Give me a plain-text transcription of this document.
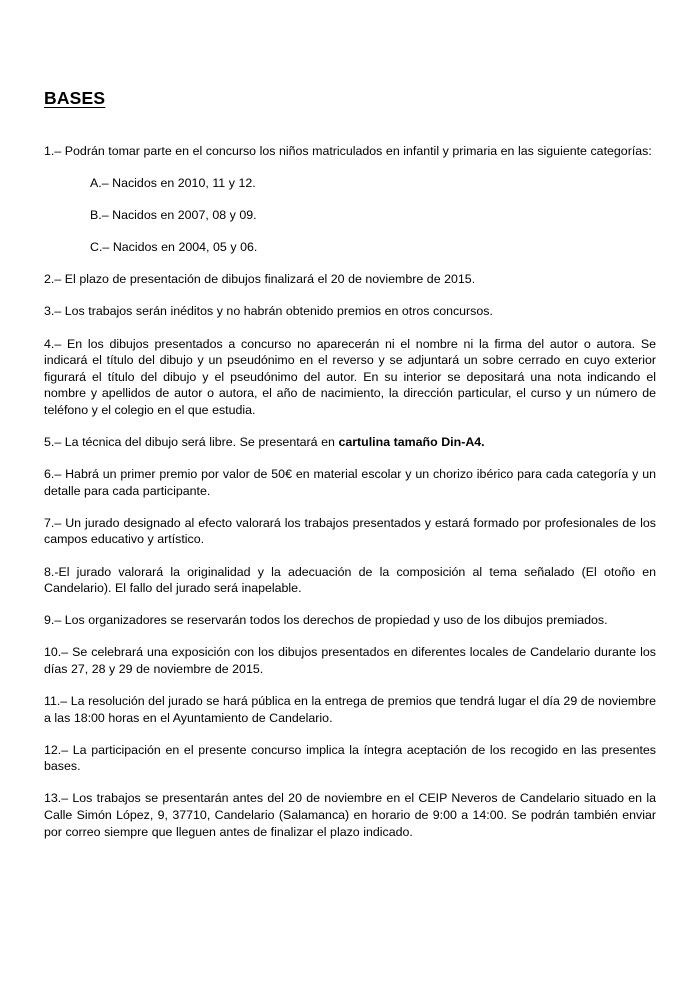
BASES

1.– Podrán tomar parte en el concurso los niños matriculados en infantil y primaria en las siguiente categorías:

A.– Nacidos en 2010, 11 y 12.

B.– Nacidos en 2007, 08 y 09.

C.– Nacidos en 2004, 05 y 06.

2.– El plazo de presentación de dibujos finalizará el 20 de noviembre de 2015.

3.– Los trabajos serán inéditos y no habrán obtenido premios en otros concursos.

4.– En los dibujos presentados a concurso no aparecerán ni el nombre ni la firma del autor o autora. Se indicará el título del dibujo y un pseudónimo en el reverso y se adjuntará un sobre cerrado en cuyo exterior figurará el título del dibujo y el pseudónimo del autor. En su interior se depositará una nota indicando el nombre y apellidos de autor o autora, el año de nacimiento, la dirección particular, el curso y un número de teléfono y el colegio en el que estudia.

5.– La técnica del dibujo será libre. Se presentará en cartulina tamaño Din-A4.

6.– Habrá un primer premio por valor de 50€ en material escolar y un chorizo ibérico para cada categoría y un detalle para cada participante.

7.– Un jurado designado al efecto valorará los trabajos presentados y estará formado por profesionales de los campos educativo y artístico.

8.-El jurado valorará la originalidad y la adecuación de la composición al tema señalado (El otoño en Candelario). El fallo del jurado será inapelable.

9.– Los organizadores se reservarán todos los derechos de propiedad y uso de los dibujos premiados.

10.– Se celebrará una exposición con los dibujos presentados en diferentes locales de Candelario durante los días 27, 28 y 29 de noviembre de 2015.

11.– La resolución del jurado se hará pública en la entrega de premios que tendrá lugar el día 29 de noviembre a las 18:00 horas en el Ayuntamiento de Candelario.

12.– La participación en el presente concurso implica la íntegra aceptación de los recogido en las presentes bases.

13.– Los trabajos se presentarán antes del 20 de noviembre en el CEIP Neveros de Candelario situado en la Calle Simón López, 9, 37710, Candelario (Salamanca) en horario de 9:00 a 14:00. Se podrán también enviar por correo siempre que lleguen antes de finalizar el plazo indicado.
